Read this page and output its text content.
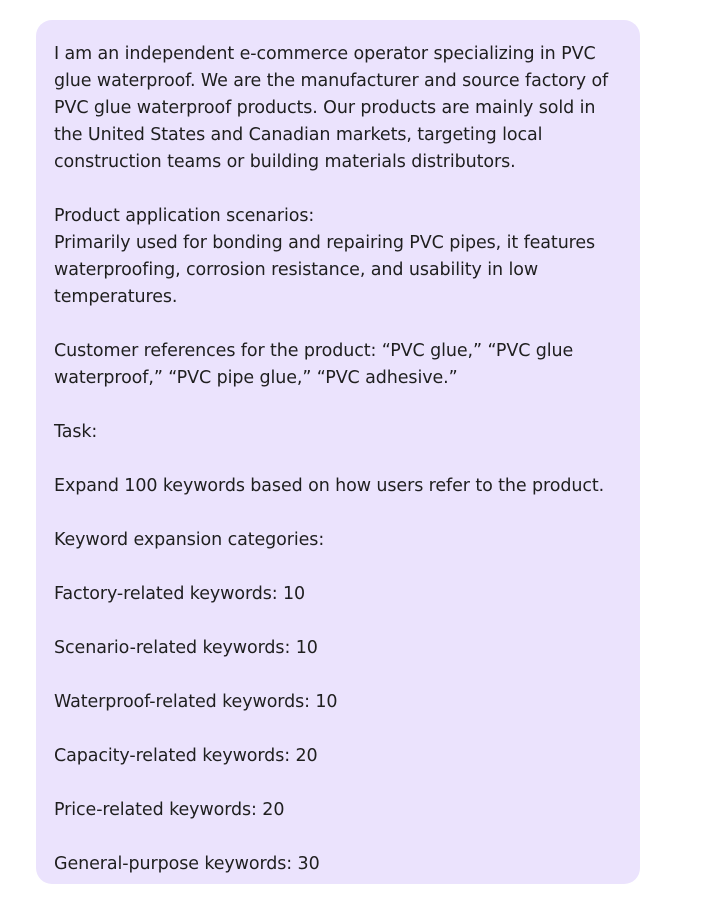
I am an independent e-commerce operator specializing in PVC
glue waterproof. We are the manufacturer and source factory of
PVC glue waterproof products. Our products are mainly sold in
the United States and Canadian markets, targeting local
construction teams or building materials distributors.
Product application scenarios:
Primarily used for bonding and repairing PVC pipes, it features
waterproofing, corrosion resistance, and usability in low
temperatures.
Customer references for the product: “PVC glue,” “PVC glue
waterproof,” “PVC pipe glue,” “PVC adhesive.”
Task:
Expand 100 keywords based on how users refer to the product.
Keyword expansion categories:
Factory-related keywords: 10
Scenario-related keywords: 10
Waterproof-related keywords: 10
Capacity-related keywords: 20
Price-related keywords: 20
General-purpose keywords: 30
